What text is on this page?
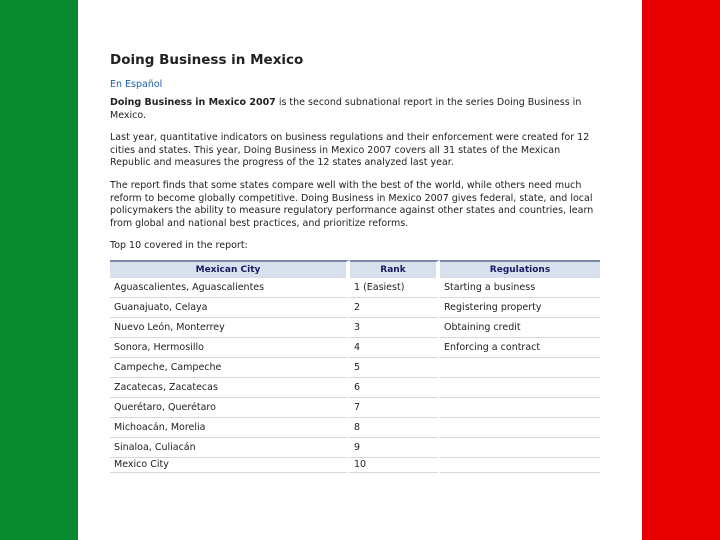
Doing Business in Mexico
En Español

Doing Business in Mexico 2007 is the second subnational report in the series Doing Business in Mexico.

Last year, quantitative indicators on business regulations and their enforcement were created for 12 cities and states. This year, Doing Business in Mexico 2007 covers all 31 states of the Mexican Republic and measures the progress of the 12 states analyzed last year.

The report finds that some states compare well with the best of the world, while others need much reform to become globally competitive. Doing Business in Mexico 2007 gives federal, state, and local policymakers the ability to measure regulatory performance against other states and countries, learn from global and national best practices, and prioritize reforms.

Top 10 covered in the report:

Mexican City	Rank	Regulations
Aguascalientes, Aguascalientes	1 (Easiest)	Starting a business
Guanajuato, Celaya	2	Registering property
Nuevo León, Monterrey	3	Obtaining credit
Sonora, Hermosillo	4	Enforcing a contract
Campeche, Campeche	5	
Zacatecas, Zacatecas	6	
Querétaro, Querétaro	7	
Michoacán, Morelia	8	
Sinaloa, Culiacán	9	
Mexico City	10	
